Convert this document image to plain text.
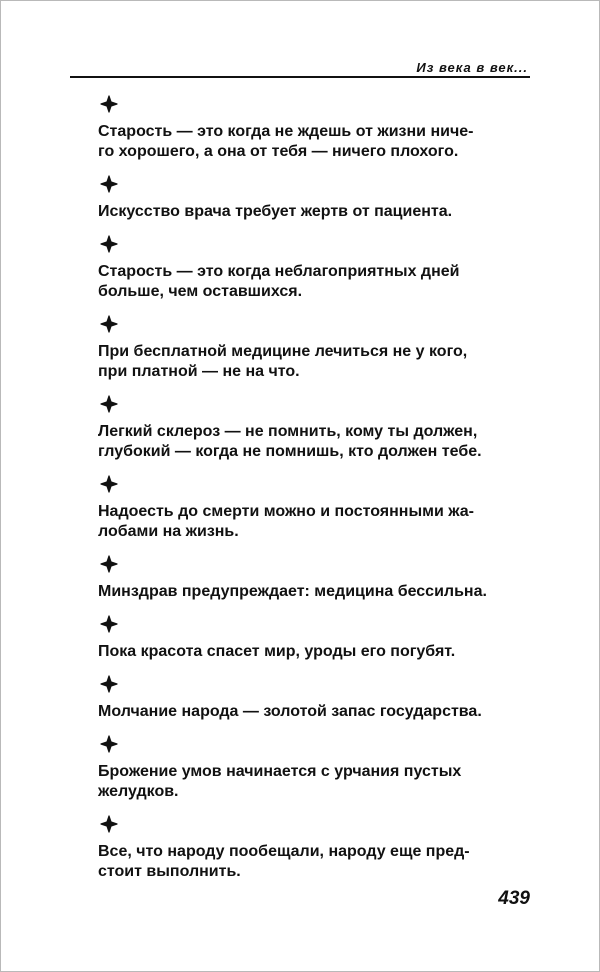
Из века в век...
Старость — это когда не ждешь от жизни ниче-
го хорошего, а она от тебя — ничего плохого.
Искусство врача требует жертв от пациента.
Старость — это когда неблагоприятных дней
больше, чем оставшихся.
При бесплатной медицине лечиться не у кого,
при платной — не на что.
Легкий склероз — не помнить, кому ты должен,
глубокий — когда не помнишь, кто должен тебе.
Надоесть до смерти можно и постоянными жа-
лобами на жизнь.
Минздрав предупреждает: медицина бессильна.
Пока красота спасет мир, уроды его погубят.
Молчание народа — золотой запас государства.
Брожение умов начинается с урчания пустых
желудков.
Все, что народу пообещали, народу еще пред-
стоит выполнить.
439
